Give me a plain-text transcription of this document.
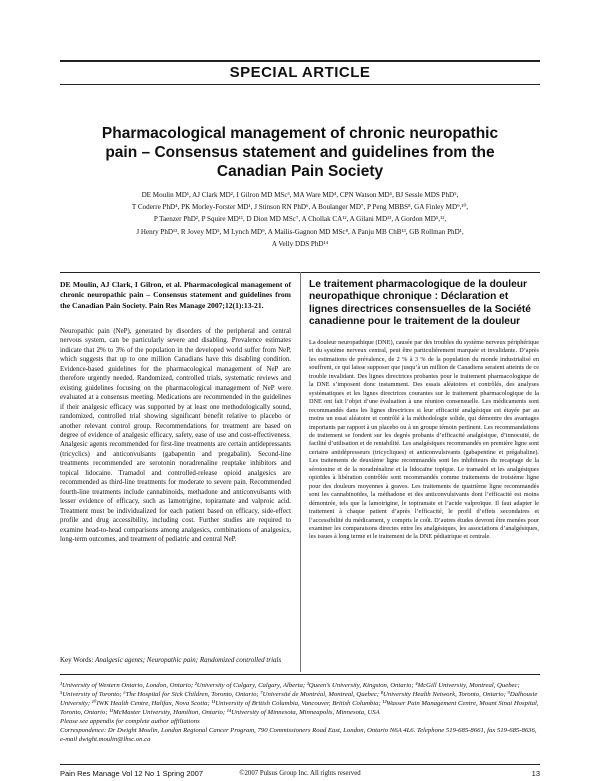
SPECIAL ARTICLE
Pharmacological management of chronic neuropathic
pain – Consensus statement and guidelines from the
Canadian Pain Society
DE Moulin MD¹, AJ Clark MD², I Gilron MD MSc³, MA Ware MD⁴, CPN Watson MD⁵, BJ Sessle MDS PhD⁵,
T Coderre PhD⁴, PK Morley-Forster MD¹, J Stinson RN PhD⁶, A Boulanger MD⁷, P Peng MBBS⁸, GA Finley MD⁹,¹⁰,
P Taenzer PhD², P Squire MD¹¹, D Dion MD MSc⁷, A Chollak CA¹², A Gilani MD¹³, A Gordon MD⁵,¹²,
J Henry PhD¹³, R Jovey MD⁵, M Lynch MD⁹, A Mailis-Gagnon MD MSc⁸, A Panju MB ChB¹³, GB Rollman PhD¹,
A Velly DDS PhD¹⁴
DE Moulin, AJ Clark, I Gilron, et al. Pharmacological management of chronic neuropathic pain – Consensus statement and guidelines from the Canadian Pain Society. Pain Res Manage 2007;12(1):13-21.
Neuropathic pain (NeP), generated by disorders of the peripheral and central nervous system, can be particularly severe and disabling. Prevalence estimates indicate that 2% to 3% of the population in the developed world suffer from NeP, which suggests that up to one million Canadians have this disabling condition. Evidence-based guidelines for the pharmacological management of NeP are therefore urgently needed. Randomized, controlled trials, systematic reviews and existing guidelines focusing on the pharmacological management of NeP were evaluated at a consensus meeting. Medications are recommended in the guidelines if their analgesic efficacy was supported by at least one methodologically sound, randomized, controlled trial showing significant benefit relative to placebo or another relevant control group. Recommendations for treatment are based on degree of evidence of analgesic efficacy, safety, ease of use and cost-effectiveness. Analgesic agents recommended for first-line treatments are certain antidepressants (tricyclics) and anticonvulsants (gabapentin and pregabalin). Second-line treatments recommended are serotonin noradrenaline reuptake inhibitors and topical lidocaine. Tramadol and controlled-release opioid analgesics are recommended as third-line treatments for moderate to severe pain. Recommended fourth-line treatments include cannabinoids, methadone and anticonvulsants with lesser evidence of efficacy, such as lamotrigine, topiramate and valproic acid. Treatment must be individualized for each patient based on efficacy, side-effect profile and drug accessibility, including cost. Further studies are required to examine head-to-head comparisons among analgesics, combinations of analgesics, long-term outcomes, and treatment of pediatric and central NeP.
Key Words: Analgesic agents; Neuropathic pain; Randomized controlled trials
Le traitement pharmacologique de la douleur neuropathique chronique : Déclaration et lignes directrices consensuelles de la Société canadienne pour le traitement de la douleur
La douleur neuropathique (DNE), causée par des troubles du système nerveux périphérique et du système nerveux central, peut être particulièrement marquée et invalidante. D’après les estimations de prévalence, de 2 % à 3 % de la population du monde industrialisé en souffrent, ce qui laisse supposer que jusqu’à un million de Canadiens seraient atteints de ce trouble invalidant. Des lignes directrices probantes pour le traitement pharmacologique de la DNE s’imposent donc instamment. Des essais aléatoires et contrôlés, des analyses systématiques et les lignes directrices courantes sur le traitement pharmacologique de la DNE ont fait l’objet d’une évaluation à une réunion consensuelle. Les médicaments sont recommandés dans les lignes directrices si leur efficacité analgésique est étayée par au moins un essai aléatoire et contrôlé à la méthodologie solide, qui démontre des avantages importants par rapport à un placebo ou à un groupe témoin pertinent. Les recommandations de traitement se fondent sur les degrés probants d’efficacité analgésique, d’innocuité, de facilité d’utilisation et de rentabilité. Les analgésiques recommandés en première ligne sont certains antidépresseurs (tricycliques) et anticonvulsivants (gabapentine et prégabaline). Les traitements de deuxième ligne recommandés sont les inhibiteurs du recaptage de la sérotonine et de la noradrénaline et la lidocaïne topique. Le tramadol et les analgésiques opioïdes à libération contrôlée sont recommandés comme traitements de troisième ligne pour des douleurs moyennes à graves. Les traitements de quatrième ligne recommandés sont les cannabinoïdes, la méthadone et des anticonvulsivants dont l’efficacité est moins démontrée, tels que la lamotrigine, le topiramate et l’acide valproïque. Il faut adapter le traitement à chaque patient d’après l’efficacité, le profil d’effets secondaires et l’accessibilité du médicament, y compris le coût. D’autres études devront être menées pour examiner les comparaisons directes entre les analgésiques, les associations d’analgésiques, les issues à long terme et le traitement de la DNE pédiatrique et centrale.
¹University of Western Ontario, London, Ontario; ²University of Calgary, Calgary, Alberta; ³Queen’s University, Kingston, Ontario; ⁴McGill University, Montreal, Quebec; ⁵University of Toronto; ⁶The Hospital for Sick Children, Toronto, Ontario; ⁷Université de Montréal, Montreal, Quebec; ⁸University Health Network, Toronto, Ontario; ⁹Dalhousie University; ¹⁰IWK Health Centre, Halifax, Nova Scotia; ¹¹University of British Columbia, Vancouver, British Columbia; ¹²Wasser Pain Management Centre, Mount Sinai Hospital, Toronto, Ontario; ¹³McMaster University, Hamilton, Ontario; ¹⁴University of Minnesota, Minneapolis, Minnesota, USA
Please see appendix for complete author affiliations
Correspondence: Dr Dwight Moulin, London Regional Cancer Program, 790 Commissioners Road East, London, Ontario N6A 4L6. Telephone 519-685-8661, fax 519-685-8636, e-mail dwight.moulin@lhsc.on.ca
Pain Res Manage Vol 12 No 1 Spring 2007	©2007 Pulsus Group Inc. All rights reserved	13
